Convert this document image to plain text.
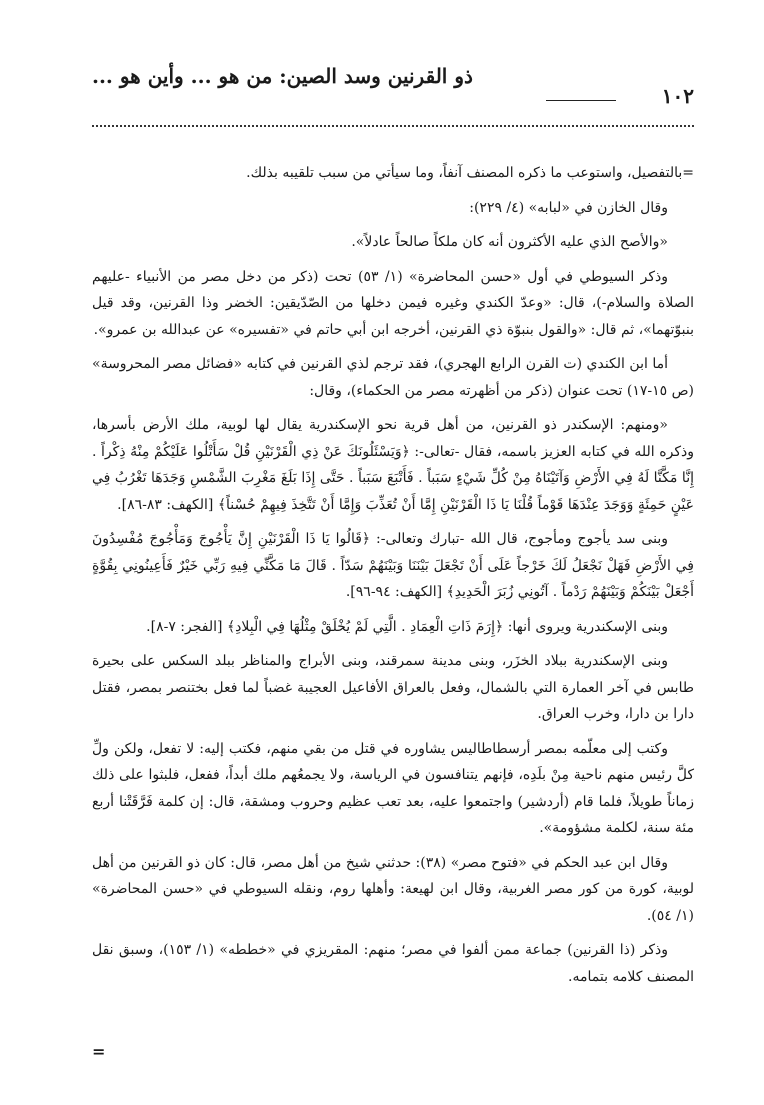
١٠٢
ذو القرنين وسد الصين: من هو ... وأين هو ...

=بالتفصيل، واستوعب ما ذكره المصنف آنفاً، وما سيأتي من سبب تلقيبه بذلك.

وقال الخازن في «لبابه» (٤/ ٢٢٩):

«والأصح الذي عليه الأكثرون أنه كان ملكاً صالحاً عادلاً».

وذكر السيوطي في أول «حسن المحاضرة» (١/ ٥٣) تحت (ذكر من دخل مصر من الأنبياء -عليهم الصلاة والسلام-)، قال: «وعدّ الكندي وغيره فيمن دخلها من الصّدّيقين: الخضر وذا القرنين، وقد قيل بنبوّتهما»، ثم قال: «والقول بنبوّة ذي القرنين، أخرجه ابن أبي حاتم في «تفسيره» عن عبدالله بن عمرو».

أما ابن الكندي (ت القرن الرابع الهجري)، فقد ترجم لذي القرنين في كتابه «فضائل مصر المحروسة» (ص ١٥-١٧) تحت عنوان (ذكر من أظهرته مصر من الحكماء)، وقال:

«ومنهم: الإسكندر ذو القرنين، من أهل قرية نحو الإسكندرية يقال لها لوبية، ملك الأرض بأسرها، وذكره الله في كتابه العزيز باسمه، فقال -تعالى-: ﴿وَيَسْئَلُونَكَ عَنْ ذِي الْقَرْنَيْنِ قُلْ سَأَتْلُوا عَلَيْكُمْ مِنْهُ ذِكْراً . إِنَّا مَكَّنَّا لَهُ فِي الأَرْضِ وَآتَيْنَاهُ مِنْ كُلِّ شَيْءٍ سَبَباً . فَأَتْبَعَ سَبَباً . حَتَّى إِذَا بَلَغَ مَغْرِبَ الشَّمْسِ وَجَدَهَا تَغْرُبُ فِي عَيْنٍ حَمِئَةٍ وَوَجَدَ عِنْدَهَا قَوْماً قُلْنَا يَا ذَا الْقَرْنَيْنِ إِمَّا أَنْ تُعَذِّبَ وَإِمَّا أَنْ تَتَّخِذَ فِيهِمْ حُسْناً﴾ [الكهف: ٨٣-٨٦].

وبنى سد يأجوج ومأجوج، قال الله -تبارك وتعالى-: ﴿قَالُوا يَا ذَا الْقَرْنَيْنِ إِنَّ يَأْجُوجَ وَمَأْجُوجَ مُفْسِدُونَ فِي الأَرْضِ فَهَلْ نَجْعَلُ لَكَ خَرْجاً عَلَى أَنْ تَجْعَلَ بَيْنَنَا وَبَيْنَهُمْ سَدّاً . قَالَ مَا مَكَّنِّي فِيهِ رَبِّي خَيْرٌ فَأَعِينُونِي بِقُوَّةٍ أَجْعَلْ بَيْنَكُمْ وَبَيْنَهُمْ رَدْماً . آتُونِي زُبَرَ الْحَدِيدِ﴾ [الكهف: ٩٤-٩٦].

وبنى الإسكندرية ويروى أنها: ﴿إِرَمَ ذَاتِ الْعِمَادِ . الَّتِي لَمْ يُخْلَقْ مِثْلُهَا فِي الْبِلادِ﴾ [الفجر: ٧-٨].

وبنى الإسكندرية ببلاد الخزَر، وبنى مدينة سمرقند، وبنى الأبراج والمناظر ببلد السكس على بحيرة طابس في آخر العمارة التي بالشمال، وفعل بالعراق الأفاعيل العجيبة غضباً لما فعل بختنصر بمصر، فقتل دارا بن دارا، وخرب العراق.

وكتب إلى معلّمه بمصر أرسطاطاليس يشاوره في قتل من بقي منهم، فكتب إليه: لا تفعل، ولكن ولِّ كلَّ رئيس منهم ناحية مِنْ بلَدِه، فإنهم يتنافسون في الرياسة، ولا يجمعُهم ملك أبداً، ففعل، فلبثوا على ذلك زماناً طويلاً، فلما قام (أردشير) واجتمعوا عليه، بعد تعب عظيم وحروب ومشقة، قال: إن كلمة فَرَّقَتْنا أربع مئة سنة، لكلمة مشؤومة».

وقال ابن عبد الحكم في «فتوح مصر» (٣٨): حدثني شيخ من أهل مصر، قال: كان ذو القرنين من أهل لوبية، كورة من كور مصر الغربية، وقال ابن لهيعة: وأهلها روم، ونقله السيوطي في «حسن المحاضرة» (١/ ٥٤).

وذكر (ذا القرنين) جماعة ممن ألفوا في مصر؛ منهم: المقريزي في «خططه» (١/ ١٥٣)، وسبق نقل المصنف كلامه بتمامه.

=
